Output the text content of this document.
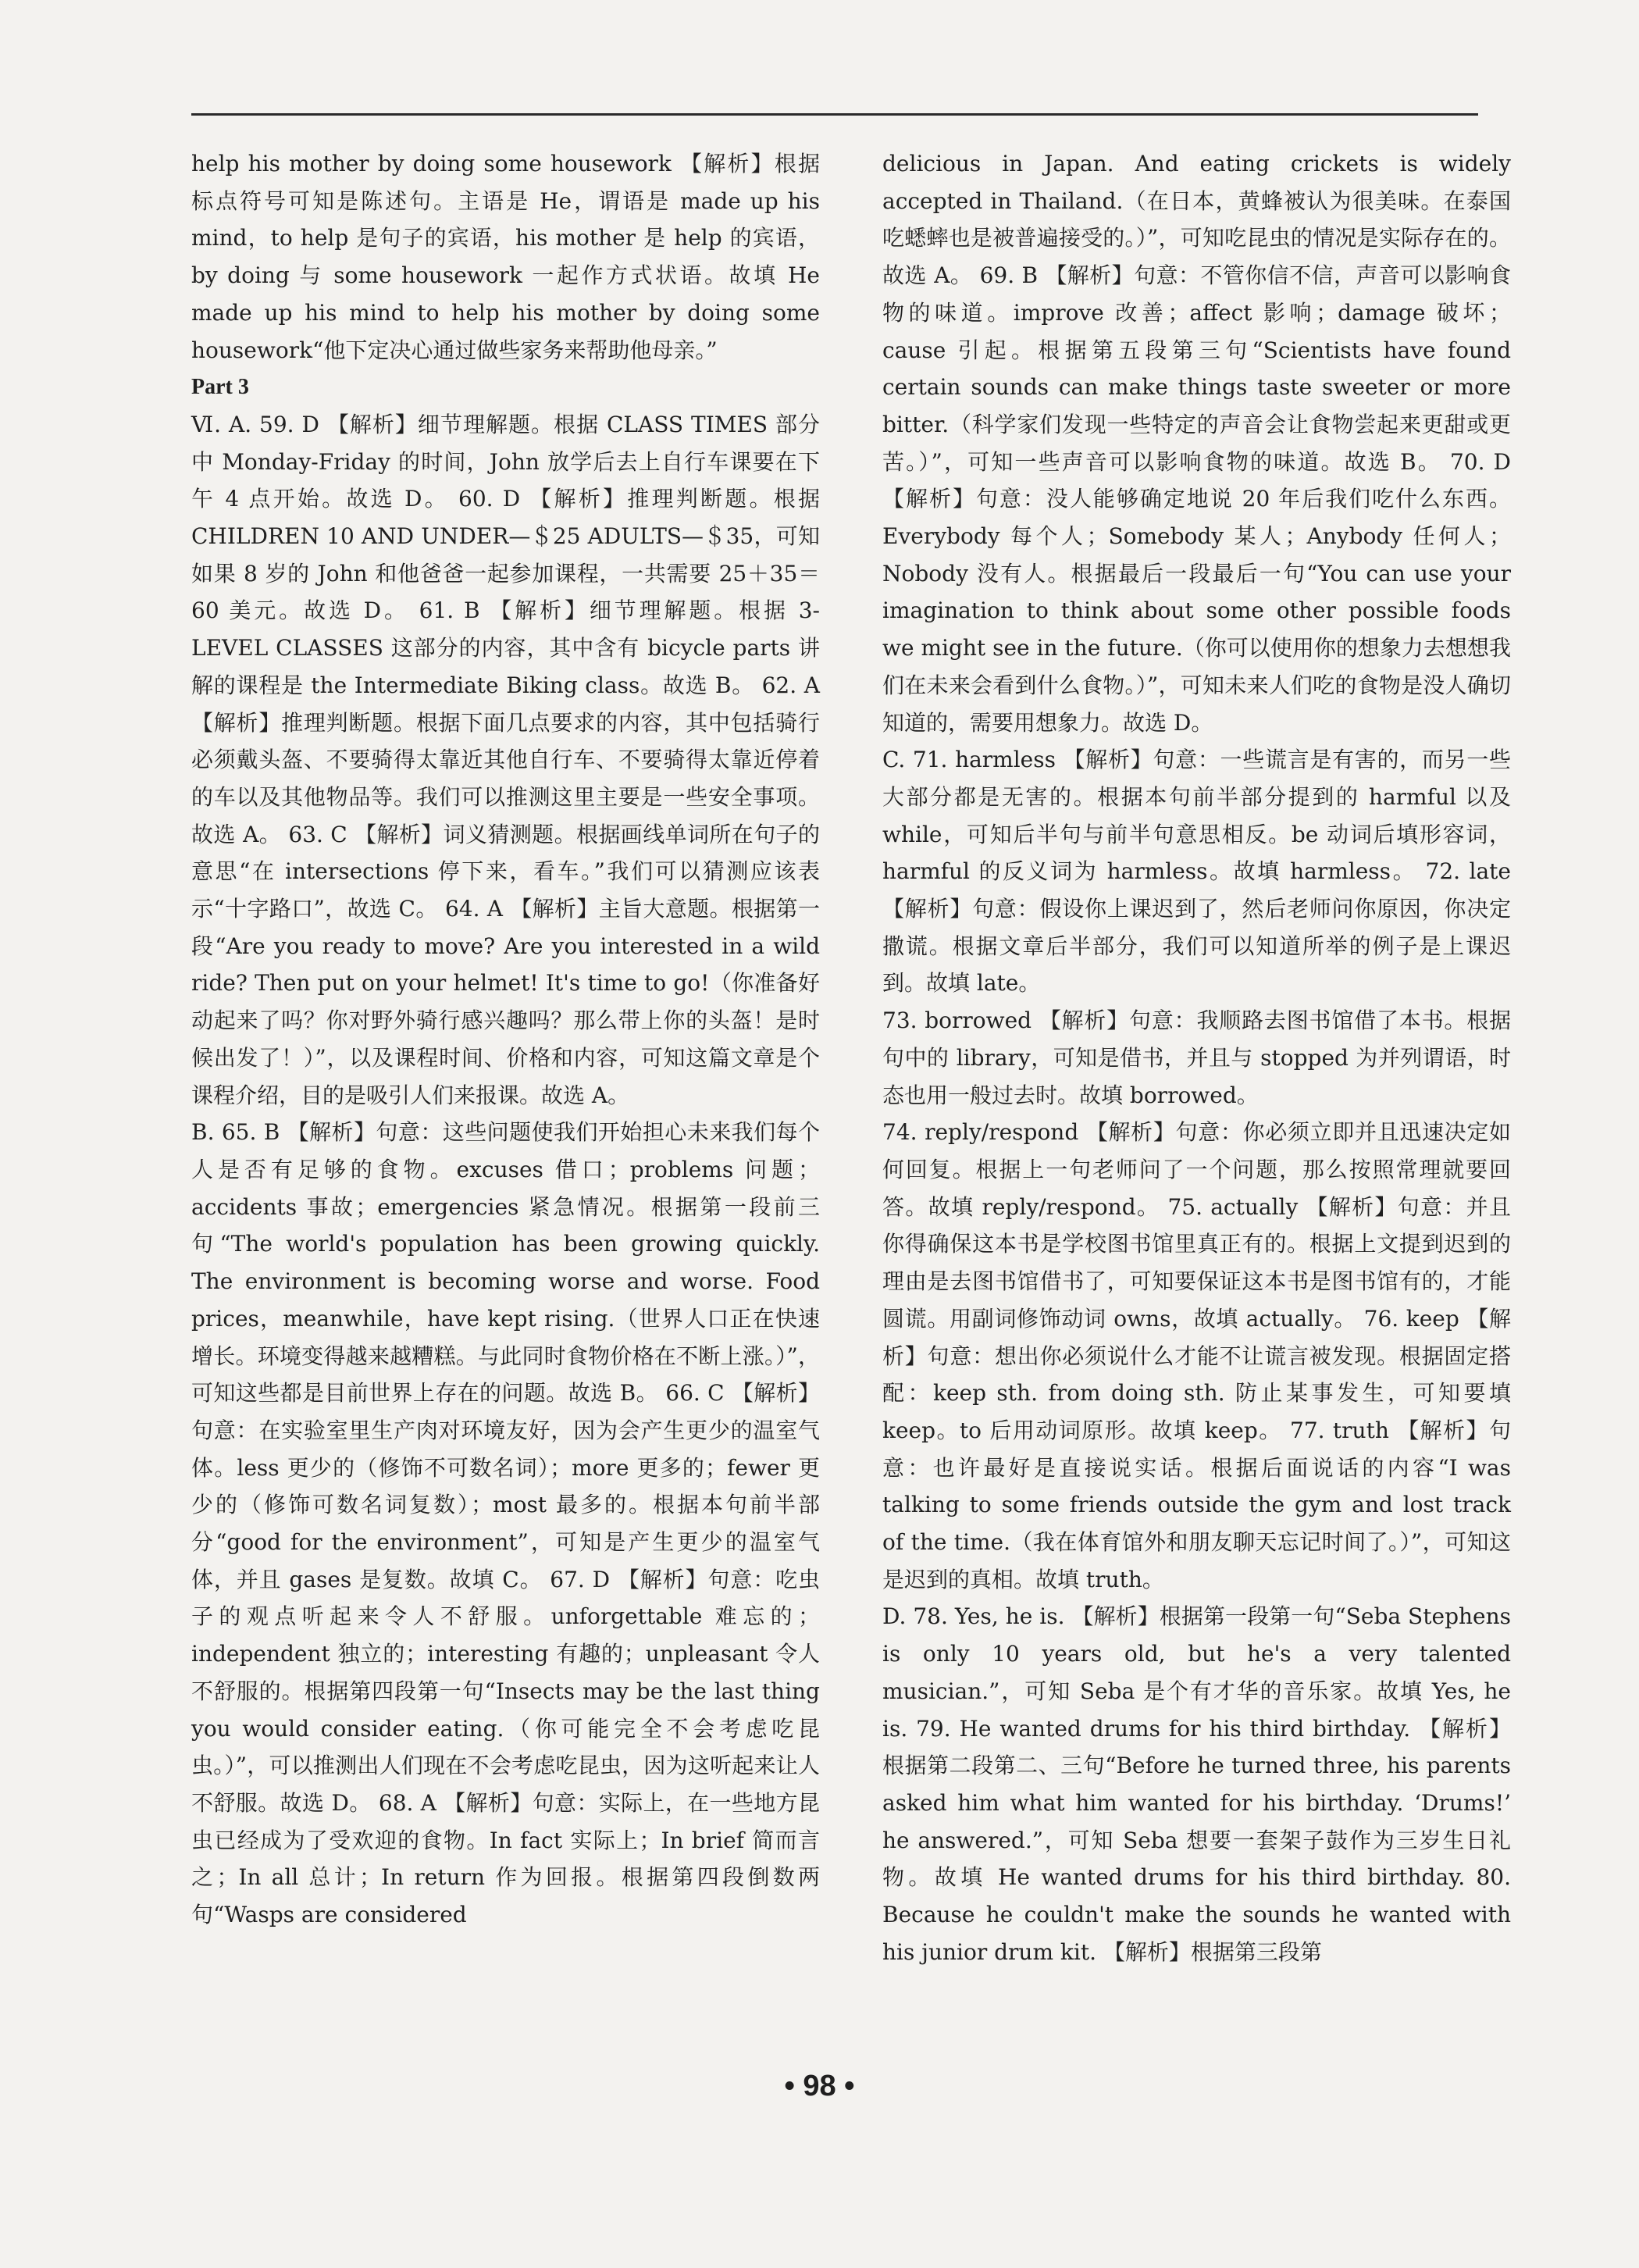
help his mother by doing some housework 【解析】根据标点符号可知是陈述句。主语是 He，谓语是 made up his mind，to help 是句子的宾语，his mother 是 help 的宾语，by doing 与 some housework 一起作方式状语。故填 He made up his mind to help his mother by doing some housework“他下定决心通过做些家务来帮助他母亲。”

Part 3

Ⅵ. A. 59. D 【解析】细节理解题。根据 CLASS TIMES 部分中 Monday-Friday 的时间，John 放学后去上自行车课要在下午 4 点开始。故选 D。 60. D 【解析】推理判断题。根据 CHILDREN 10 AND UNDER—＄25 ADULTS—＄35，可知如果 8 岁的 John 和他爸爸一起参加课程，一共需要 25＋35＝60 美元。故选 D。 61. B 【解析】细节理解题。根据 3-LEVEL CLASSES 这部分的内容，其中含有 bicycle parts 讲解的课程是 the Intermediate Biking class。故选 B。 62. A 【解析】推理判断题。根据下面几点要求的内容，其中包括骑行必须戴头盔、不要骑得太靠近其他自行车、不要骑得太靠近停着的车以及其他物品等。我们可以推测这里主要是一些安全事项。故选 A。 63. C 【解析】词义猜测题。根据画线单词所在句子的意思“在 intersections 停下来，看车。”我们可以猜测应该表示“十字路口”，故选 C。 64. A 【解析】主旨大意题。根据第一段“Are you ready to move? Are you interested in a wild ride? Then put on your helmet! It's time to go!（你准备好动起来了吗？你对野外骑行感兴趣吗？那么带上你的头盔！是时候出发了！）”，以及课程时间、价格和内容，可知这篇文章是个课程介绍，目的是吸引人们来报课。故选 A。

B. 65. B 【解析】句意：这些问题使我们开始担心未来我们每个人是否有足够的食物。excuses 借口；problems 问题；accidents 事故；emergencies 紧急情况。根据第一段前三句“The world's population has been growing quickly. The environment is becoming worse and worse. Food prices，meanwhile，have kept rising.（世界人口正在快速增长。环境变得越来越糟糕。与此同时食物价格在不断上涨。）”，可知这些都是目前世界上存在的问题。故选 B。 66. C 【解析】句意：在实验室里生产肉对环境友好，因为会产生更少的温室气体。less 更少的（修饰不可数名词）；more 更多的；fewer 更少的（修饰可数名词复数）；most 最多的。根据本句前半部分“good for the environment”，可知是产生更少的温室气体，并且 gases 是复数。故填 C。 67. D 【解析】句意：吃虫子的观点听起来令人不舒服。unforgettable 难忘的；independent 独立的；interesting 有趣的；unpleasant 令人不舒服的。根据第四段第一句“Insects may be the last thing you would consider eating.（你可能完全不会考虑吃昆虫。）”，可以推测出人们现在不会考虑吃昆虫，因为这听起来让人不舒服。故选 D。 68. A 【解析】句意：实际上，在一些地方昆虫已经成为了受欢迎的食物。In fact 实际上；In brief 简而言之；In all 总计；In return 作为回报。根据第四段倒数两句“Wasps are considered

delicious in Japan. And eating crickets is widely accepted in Thailand.（在日本，黄蜂被认为很美味。在泰国吃蟋蟀也是被普遍接受的。）”，可知吃昆虫的情况是实际存在的。故选 A。 69. B 【解析】句意：不管你信不信，声音可以影响食物的味道。improve 改善；affect 影响；damage 破坏；cause 引起。根据第五段第三句“Scientists have found certain sounds can make things taste sweeter or more bitter.（科学家们发现一些特定的声音会让食物尝起来更甜或更苦。）”，可知一些声音可以影响食物的味道。故选 B。 70. D 【解析】句意：没人能够确定地说 20 年后我们吃什么东西。Everybody 每个人；Somebody 某人；Anybody 任何人；Nobody 没有人。根据最后一段最后一句“You can use your imagination to think about some other possible foods we might see in the future.（你可以使用你的想象力去想想我们在未来会看到什么食物。）”，可知未来人们吃的食物是没人确切知道的，需要用想象力。故选 D。

C. 71. harmless 【解析】句意：一些谎言是有害的，而另一些大部分都是无害的。根据本句前半部分提到的 harmful 以及 while，可知后半句与前半句意思相反。be 动词后填形容词，harmful 的反义词为 harmless。故填 harmless。 72. late 【解析】句意：假设你上课迟到了，然后老师问你原因，你决定撒谎。根据文章后半部分，我们可以知道所举的例子是上课迟到。故填 late。

73. borrowed 【解析】句意：我顺路去图书馆借了本书。根据句中的 library，可知是借书，并且与 stopped 为并列谓语，时态也用一般过去时。故填 borrowed。

74. reply/respond 【解析】句意：你必须立即并且迅速决定如何回复。根据上一句老师问了一个问题，那么按照常理就要回答。故填 reply/respond。 75. actually 【解析】句意：并且你得确保这本书是学校图书馆里真正有的。根据上文提到迟到的理由是去图书馆借书了，可知要保证这本书是图书馆有的，才能圆谎。用副词修饰动词 owns，故填 actually。 76. keep 【解析】句意：想出你必须说什么才能不让谎言被发现。根据固定搭配：keep sth. from doing sth. 防止某事发生，可知要填 keep。to 后用动词原形。故填 keep。 77. truth 【解析】句意：也许最好是直接说实话。根据后面说话的内容“I was talking to some friends outside the gym and lost track of the time.（我在体育馆外和朋友聊天忘记时间了。）”，可知这是迟到的真相。故填 truth。

D. 78. Yes, he is. 【解析】根据第一段第一句“Seba Stephens is only 10 years old, but he's a very talented musician.”，可知 Seba 是个有才华的音乐家。故填 Yes, he is. 79. He wanted drums for his third birthday. 【解析】根据第二段第二、三句“Before he turned three, his parents asked him what him wanted for his birthday. ‘Drums!’ he answered.”，可知 Seba 想要一套架子鼓作为三岁生日礼物。故填 He wanted drums for his third birthday. 80. Because he couldn't make the sounds he wanted with his junior drum kit. 【解析】根据第三段第

• 98 •
